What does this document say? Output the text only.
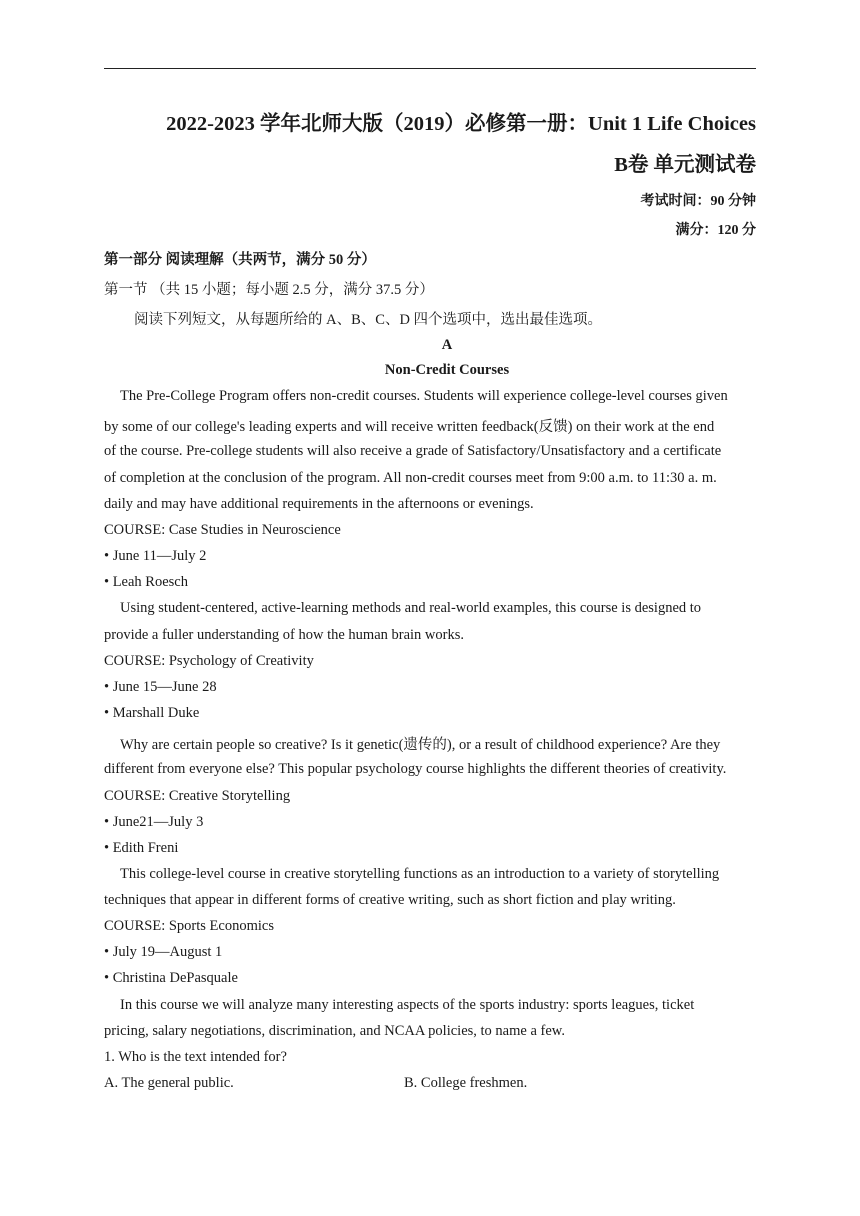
2022-2023 学年北师大版（2019）必修第一册：Unit 1 Life Choices
B卷 单元测试卷
考试时间：90 分钟
满分：120 分
第一部分 阅读理解（共两节，满分 50 分）
第一节 （共 15 小题；每小题 2.5 分，满分 37.5 分）
阅读下列短文，从每题所给的 A、B、C、D 四个选项中，选出最佳选项。
A
Non-Credit Courses
The Pre-College Program offers non-credit courses. Students will experience college-level courses given
by some of our college's leading experts and will receive written feedback(反馈) on their work at the end
of the course. Pre-college students will also receive a grade of Satisfactory/Unsatisfactory and a certificate
of completion at the conclusion of the program. All non-credit courses meet from 9:00 a.m. to 11:30 a. m.
daily and may have additional requirements in the afternoons or evenings.
COURSE: Case Studies in Neuroscience
• June 11—July 2
• Leah Roesch
Using student-centered, active-learning methods and real-world examples, this course is designed to
provide a fuller understanding of how the human brain works.
COURSE: Psychology of Creativity
• June 15—June 28
• Marshall Duke
Why are certain people so creative? Is it genetic(遗传的), or a result of childhood experience? Are they
different from everyone else? This popular psychology course highlights the different theories of creativity.
COURSE: Creative Storytelling
• June21—July 3
• Edith Freni
This college-level course in creative storytelling functions as an introduction to a variety of storytelling
techniques that appear in different forms of creative writing, such as short fiction and play writing.
COURSE: Sports Economics
• July 19—August 1
• Christina DePasquale
In this course we will analyze many interesting aspects of the sports industry: sports leagues, ticket
pricing, salary negotiations, discrimination, and NCAA policies, to name a few.
1. Who is the text intended for?
A. The general public.	B. College freshmen.
